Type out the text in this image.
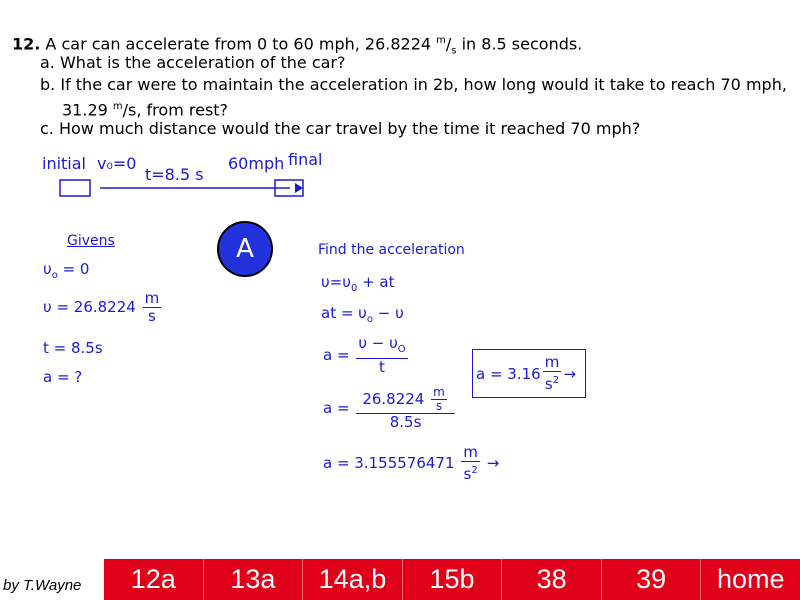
12. A car can accelerate from 0 to 60 mph, 26.8224 $^m/_s$ in 8.5 seconds.
a. What is the acceleration of the car?
b. If the car were to maintain the acceleration in 2b, how long would it take to reach 70 mph,
31.29 $^m$/s, from rest?
c. How much distance would the car travel by the time it reached 70 mph?
initial v₀=0
t=8.5 s
60mph final
A
Givens
$\upsilon_o = 0$
$\upsilon = 26.8224 \frac{m}{s}$
t = 8.5s
a = ?
Find the acceleration
$\upsilon=\upsilon_0$ + at
at = $\upsilon_o - \upsilon$
$a = \frac{\upsilon - \upsilon_O}{t}$
$a = \frac{26.8224 \frac{m}{s}}{8.5s}$
$a = 3.155576471 \frac{m}{s^2}$ →
$a = 3.16 \frac{m}{s^2}$ →
by T.Wayne	12a	13a	14a,b	15b	38	39	home
